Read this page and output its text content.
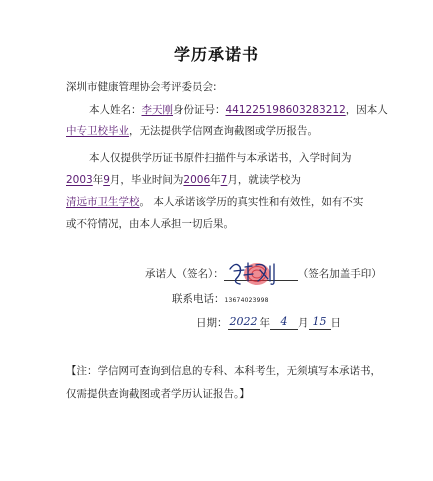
学历承诺书
深圳市健康管理协会考评委员会:
本人姓名：李天刚身份证号：441225198603283212，因本人
中专卫校毕业，无法提供学信网查询截图或学历报告。
本人仅提供学历证书原件扫描件与本承诺书，入学时间为
2003年9月，毕业时间为2006年7月，就读学校为
清远市卫生学校。 本人承诺该学历的真实性和有效性，如有不实
或不符情况，由本人承担一切后果。
承诺人（签名）：	（签名加盖手印）
联系电话：13674023998
日期： 2022 年 4	月 15 日
【注：学信网可查询到信息的专科、本科考生，无须填写本承诺书，
仅需提供查询截图或者学历认证报告。】
